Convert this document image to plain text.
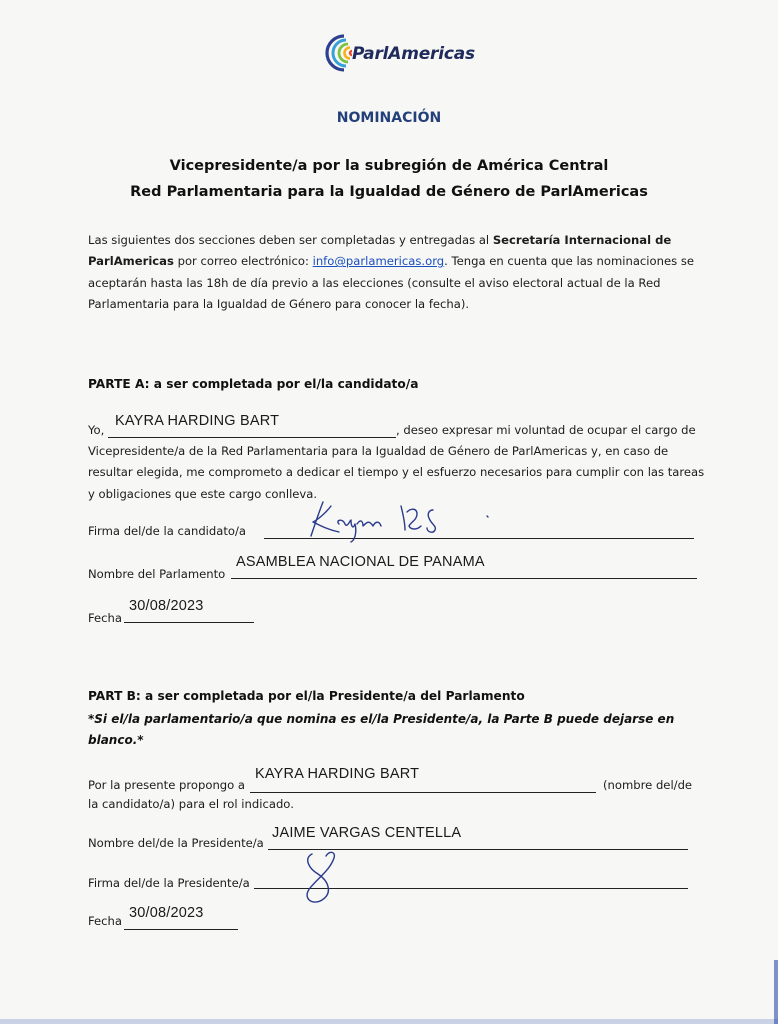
ParlAmericas
NOMINACIÓN
Vicepresidente/a por la subregión de América Central
Red Parlamentaria para la Igualdad de Género de ParlAmericas
Las siguientes dos secciones deben ser completadas y entregadas al Secretaría Internacional de ParlAmericas por correo electrónico: info@parlamericas.org. Tenga en cuenta que las nominaciones se aceptarán hasta las 18h de día previo a las elecciones (consulte el aviso electoral actual de la Red Parlamentaria para la Igualdad de Género para conocer la fecha).
PARTE A: a ser completada por el/la candidato/a
Yo,
KAYRA HARDING BART
, deseo expresar mi voluntad de ocupar el cargo de
Vicepresidente/a de la Red Parlamentaria para la Igualdad de Género de ParlAmericas y, en caso de resultar elegida, me comprometo a dedicar el tiempo y el esfuerzo necesarios para cumplir con las tareas y obligaciones que este cargo conlleva.
Firma del/de la candidato/a
Nombre del Parlamento
ASAMBLEA NACIONAL DE PANAMA
Fecha
30/08/2023
PART B: a ser completada por el/la Presidente/a del Parlamento
*Si el/la parlamentario/a que nomina es el/la Presidente/a, la Parte B puede dejarse en blanco.*
Por la presente propongo a
KAYRA HARDING BART
(nombre del/de
la candidato/a) para el rol indicado.
Nombre del/de la Presidente/a
JAIME VARGAS CENTELLA
Firma del/de la Presidente/a
Fecha 30/08/2023
